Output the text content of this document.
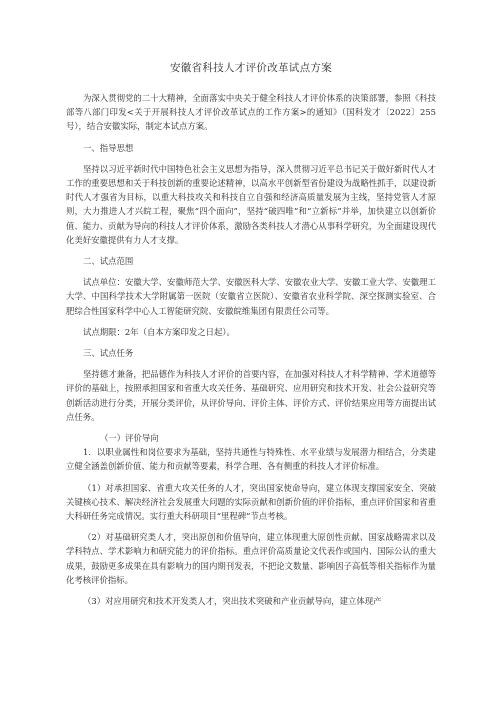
安徽省科技人才评价改革试点方案

为深入贯彻党的二十大精神，全面落实中央关于健全科技人才评价体系的决策部署，参照《科技部等八部门印发<关于开展科技人才评价改革试点的工作方案>的通知》（国科发才〔2022〕255号），结合安徽实际，制定本试点方案。

一、指导思想

坚持以习近平新时代中国特色社会主义思想为指导，深入贯彻习近平总书记关于做好新时代人才工作的重要思想和关于科技创新的重要论述精神，以高水平创新型省份建设为战略性抓手，以建设新时代人才强省为目标，以重大科技攻关和科技自立自强和经济高质量发展为主线，坚持党管人才原则，大力推进人才兴皖工程，聚焦“四个面向”，坚持“破四唯”和“立新标”并举，加快建立以创新价值、能力、贡献为导向的科技人才评价体系，激励各类科技人才潜心从事科学研究，为全面建设现代化美好安徽提供有力人才支撑。

二、试点范围

试点单位：安徽大学、安徽师范大学、安徽医科大学、安徽农业大学、安徽工业大学、安徽理工大学、中国科学技术大学附属第一医院（安徽省立医院）、安徽省农业科学院、深空探测实验室、合肥综合性国家科学中心人工智能研究院、安徽皖维集团有限责任公司等。

试点期限：2年（自本方案印发之日起）。

三、试点任务

坚持德才兼备，把品德作为科技人才评价的首要内容，在加强对科技人才科学精神、学术道德等评价的基础上，按照承担国家和省重大攻关任务、基础研究、应用研究和技术开发、社会公益研究等创新活动进行分类，开展分类评价，从评价导向、评价主体、评价方式、评价结果应用等方面提出试点任务。

（一）评价导向

1．以职业属性和岗位要求为基础，坚持共通性与特殊性、水平业绩与发展潜力相结合，分类建立健全涵盖创新价值、能力和贡献等要素，科学合理、各有侧重的科技人才评价标准。

（1）对承担国家、省重大攻关任务的人才，突出国家使命导向，建立体现支撑国家安全、突破关键核心技术、解决经济社会发展重大问题的实际贡献和创新价值的评价指标，重点评价国家和省重大科研任务完成情况。实行重大科研项目“里程碑”节点考核。

（2）对基础研究类人才，突出原创和价值导向，建立体现重大原创性贡献、国家战略需求以及学科特点、学术影响力和研究能力的评价指标。重点评价高质量论文代表作或国内、国际公认的重大成果，鼓励更多成果在具有影响力的国内期刊发表，不把论文数量、影响因子高低等相关指标作为量化考核评价指标。

（3）对应用研究和技术开发类人才，突出技术突破和产业贡献导向，建立体现产
